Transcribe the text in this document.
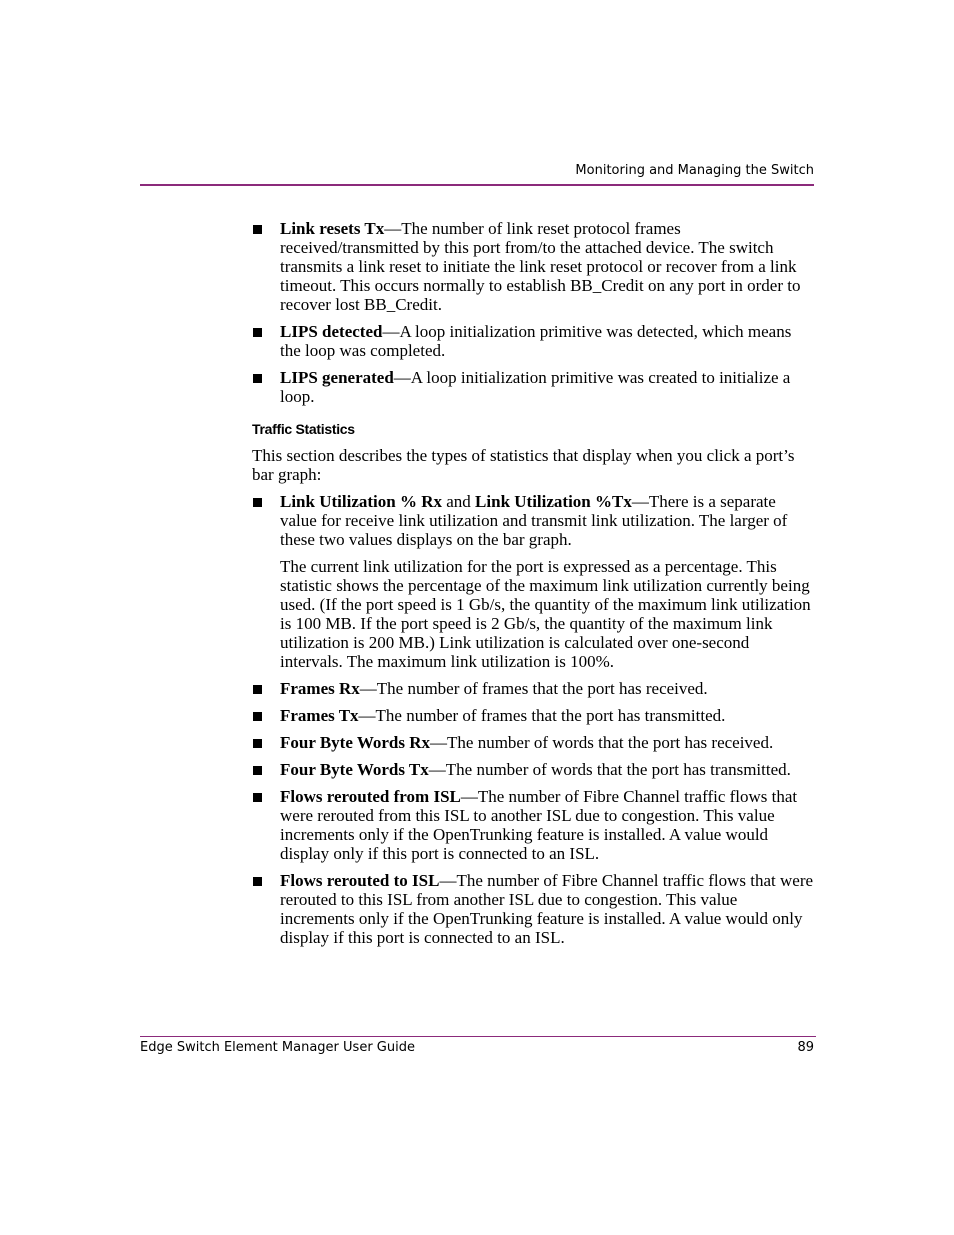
Monitoring and Managing the Switch
Link resets Tx—The number of link reset protocol frames received/transmitted by this port from/to the attached device. The switch transmits a link reset to initiate the link reset protocol or recover from a link timeout. This occurs normally to establish BB_Credit on any port in order to recover lost BB_Credit.
LIPS detected—A loop initialization primitive was detected, which means the loop was completed.
LIPS generated—A loop initialization primitive was created to initialize a loop.
Traffic Statistics
This section describes the types of statistics that display when you click a port’s bar graph:
Link Utilization % Rx and Link Utilization %Tx—There is a separate value for receive link utilization and transmit link utilization. The larger of these two values displays on the bar graph.
The current link utilization for the port is expressed as a percentage. This statistic shows the percentage of the maximum link utilization currently being used. (If the port speed is 1 Gb/s, the quantity of the maximum link utilization is 100 MB. If the port speed is 2 Gb/s, the quantity of the maximum link utilization is 200 MB.) Link utilization is calculated over one-second intervals. The maximum link utilization is 100%.
Frames Rx—The number of frames that the port has received.
Frames Tx—The number of frames that the port has transmitted.
Four Byte Words Rx—The number of words that the port has received.
Four Byte Words Tx—The number of words that the port has transmitted.
Flows rerouted from ISL—The number of Fibre Channel traffic flows that were rerouted from this ISL to another ISL due to congestion. This value increments only if the OpenTrunking feature is installed. A value would display only if this port is connected to an ISL.
Flows rerouted to ISL—The number of Fibre Channel traffic flows that were rerouted to this ISL from another ISL due to congestion. This value increments only if the OpenTrunking feature is installed. A value would only display if this port is connected to an ISL.
Edge Switch Element Manager User Guide	89
